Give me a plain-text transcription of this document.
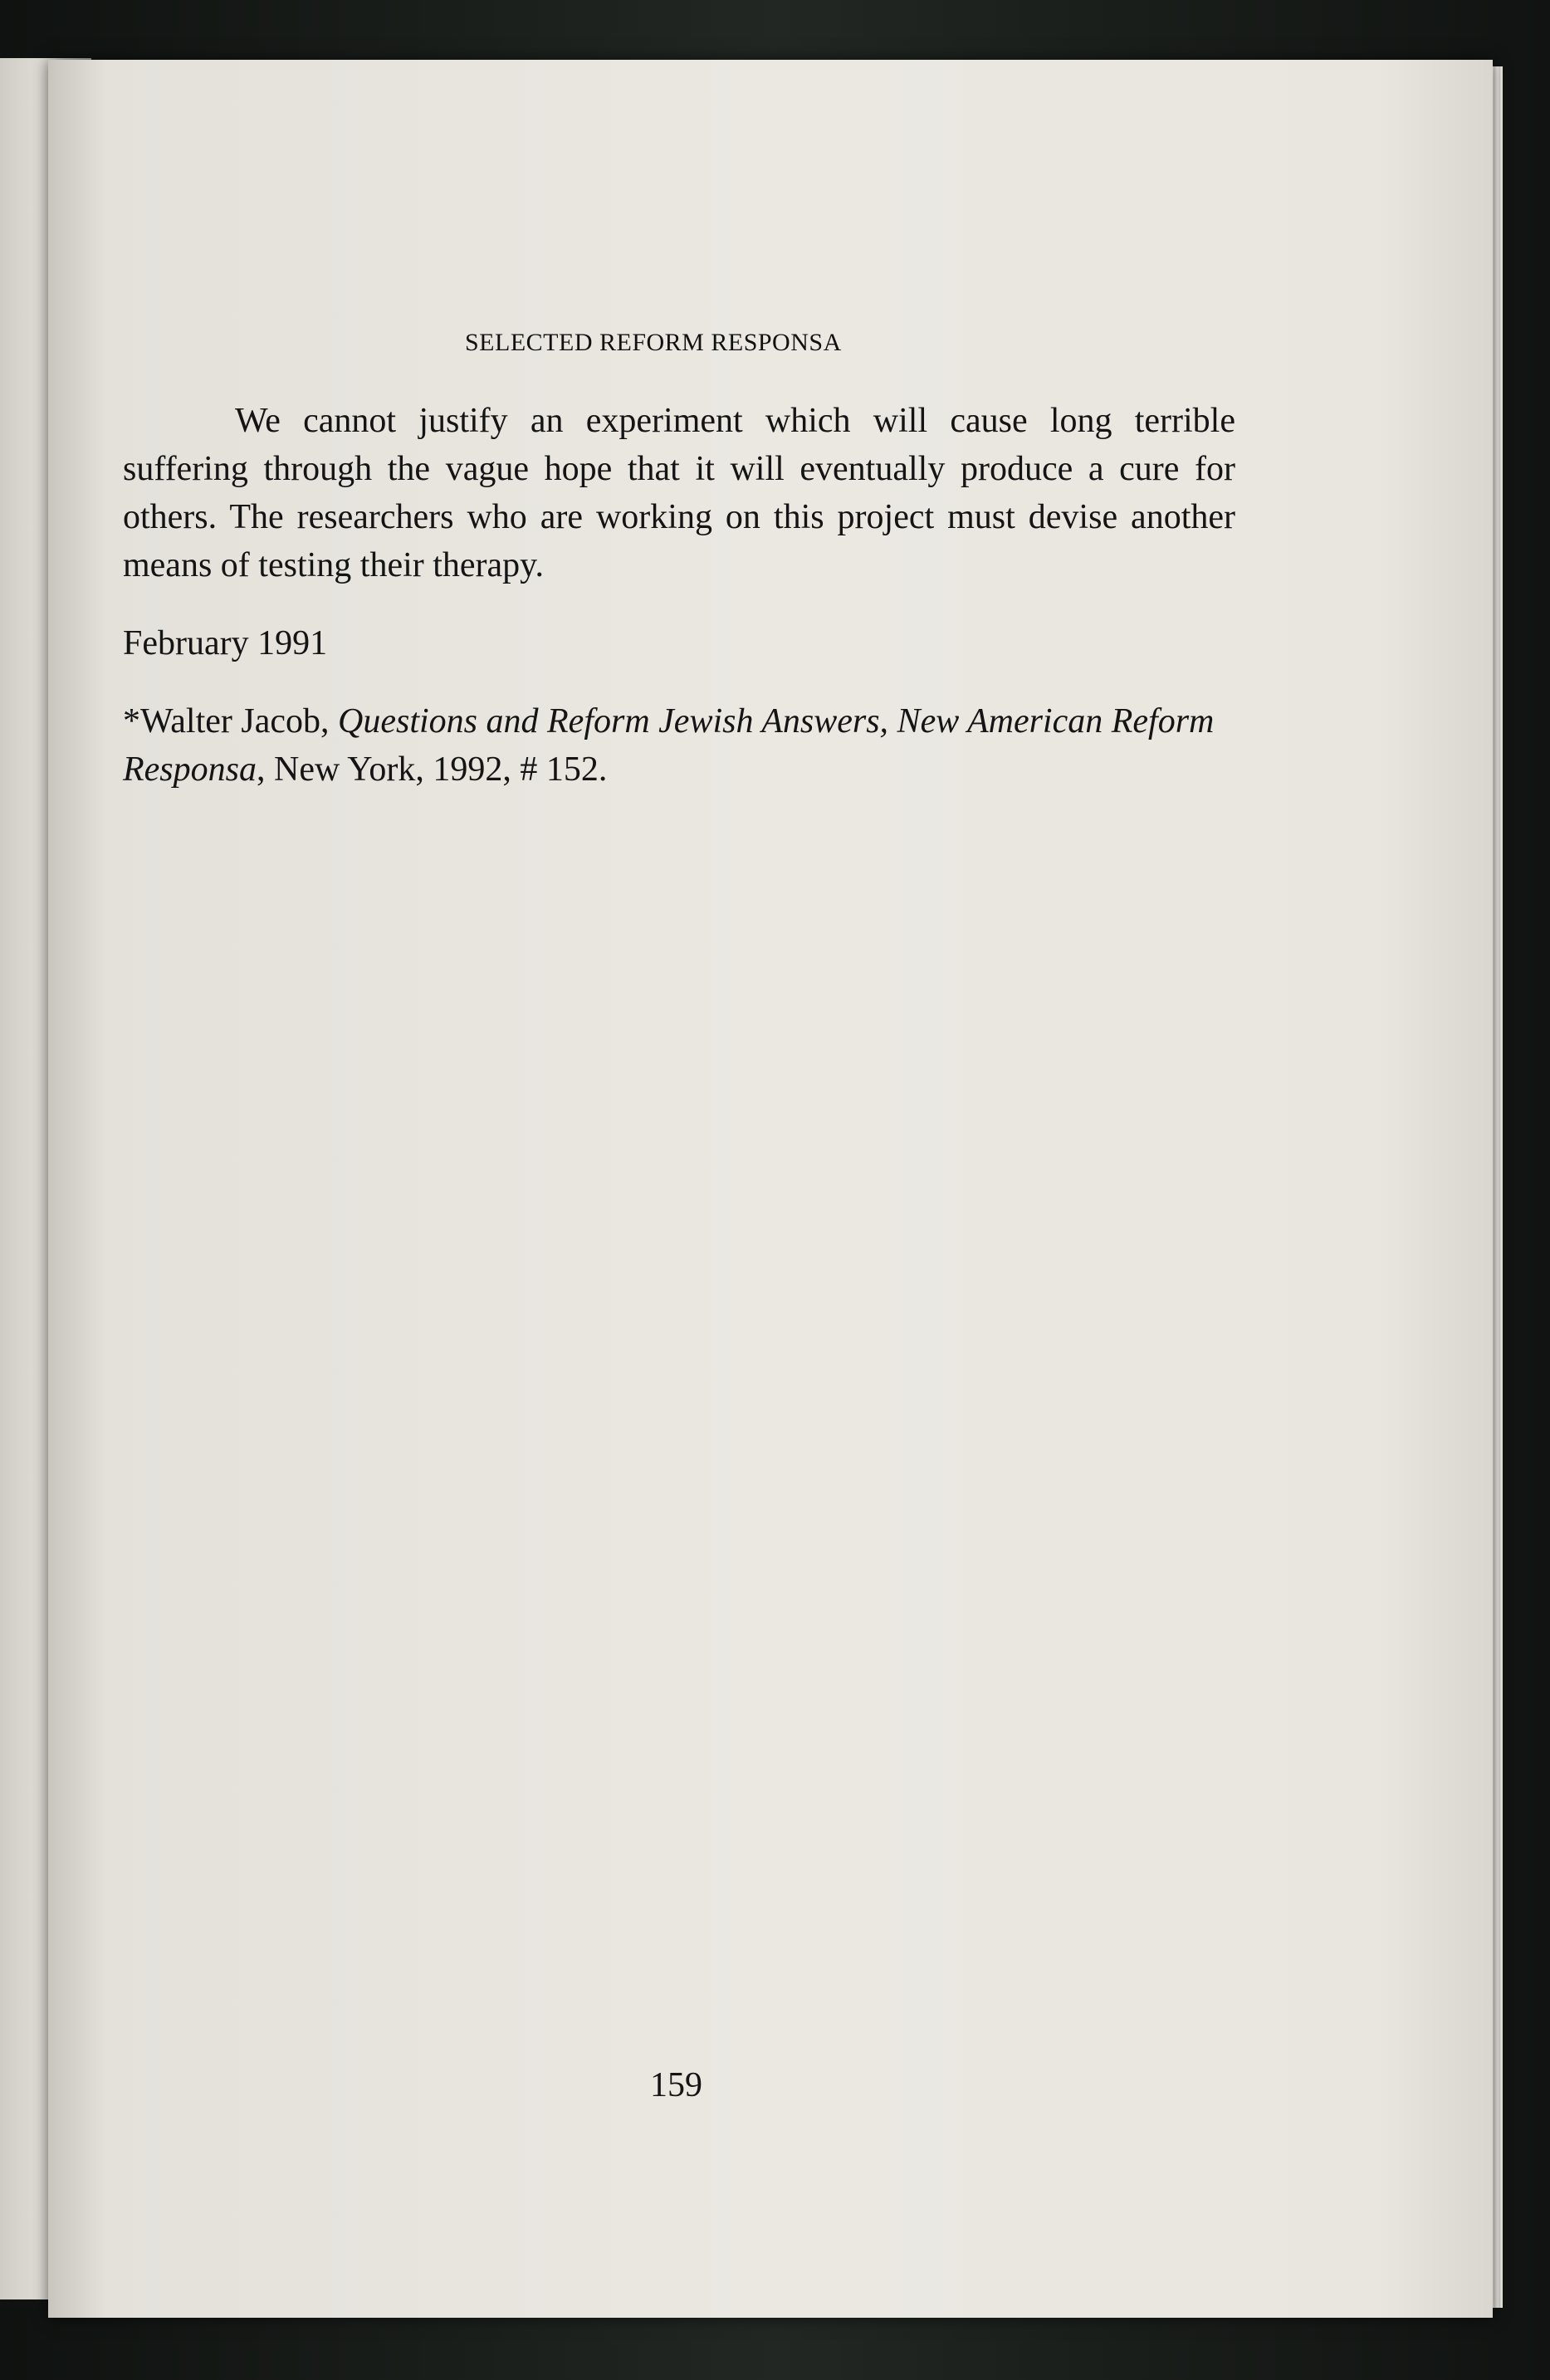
SELECTED REFORM RESPONSA

We cannot justify an experiment which will cause long terrible suffering through the vague hope that it will eventually produce a cure for others. The researchers who are working on this project must devise another means of testing their therapy.

February 1991

*Walter Jacob, Questions and Reform Jewish Answers, New American Reform Responsa, New York, 1992, # 152.

159
